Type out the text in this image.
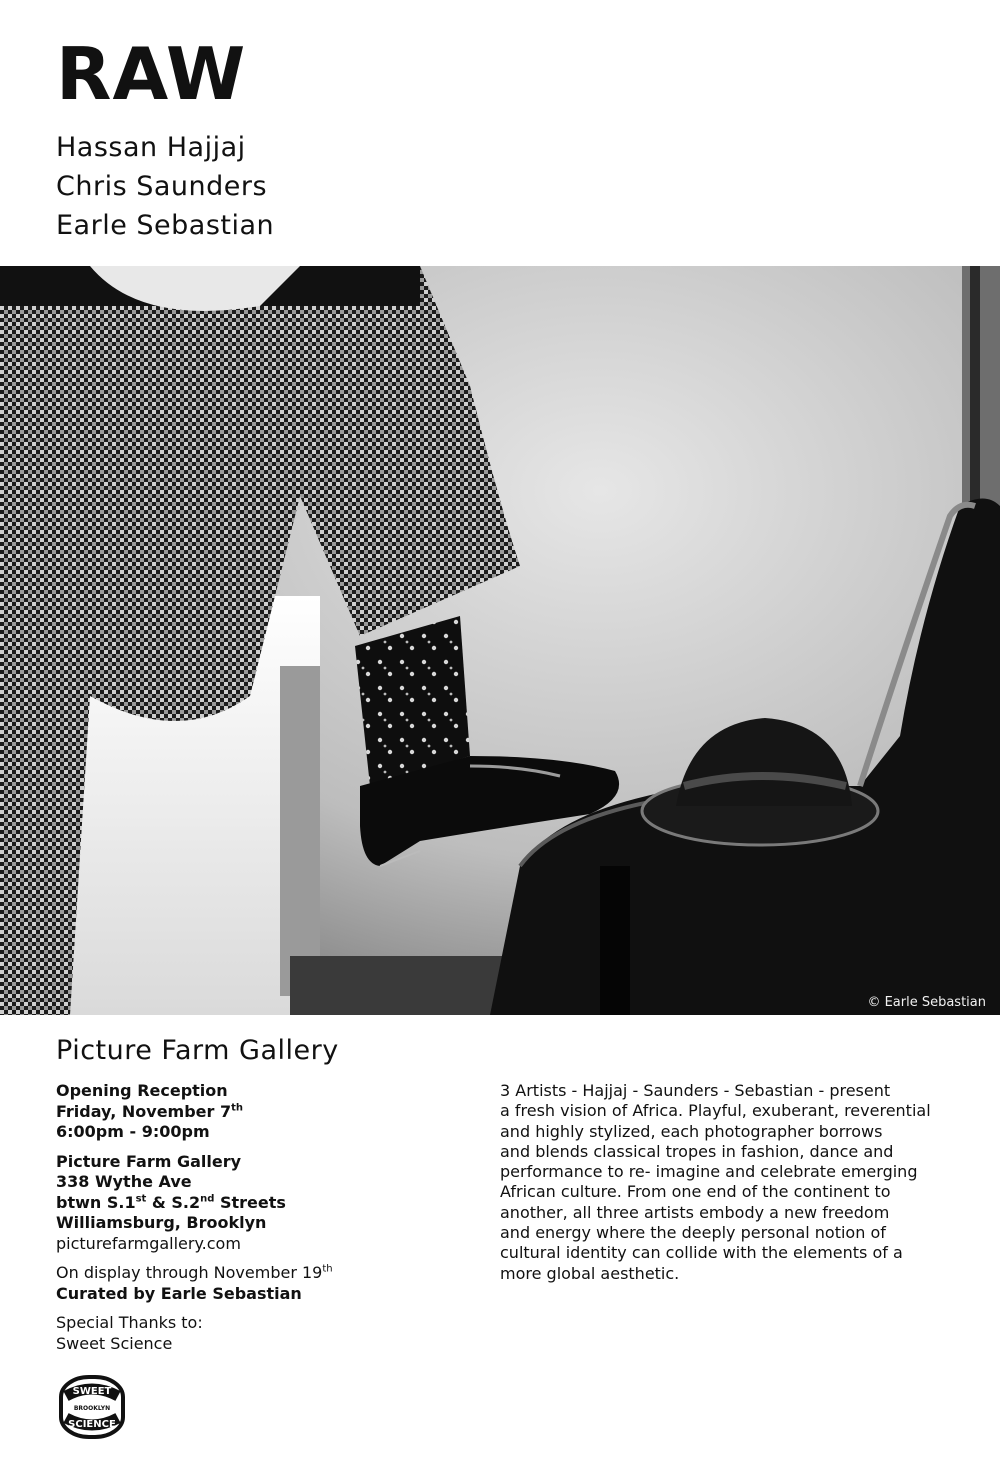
RAW
Hassan Hajjaj
Chris Saunders
Earle Sebastian
© Earle Sebastian
Picture Farm Gallery
Opening Reception
Friday, November 7th
6:00pm - 9:00pm
Picture Farm Gallery
338 Wythe Ave
btwn S.1st & S.2nd Streets
Williamsburg, Brooklyn
picturefarmgallery.com
On display through November 19th
Curated by Earle Sebastian
Special Thanks to:
Sweet Science
3 Artists - Hajjaj - Saunders - Sebastian - present
a fresh vision of Africa. Playful, exuberant, reverential
and highly stylized, each photographer borrows
and blends classical tropes in fashion, dance and
performance to re- imagine and celebrate emerging
African culture. From one end of the continent to
another, all three artists embody a new freedom
and energy where the deeply personal notion of
cultural identity can collide with the elements of a
more global aesthetic.
SWEET
BROOKLYN
SCIENCE
